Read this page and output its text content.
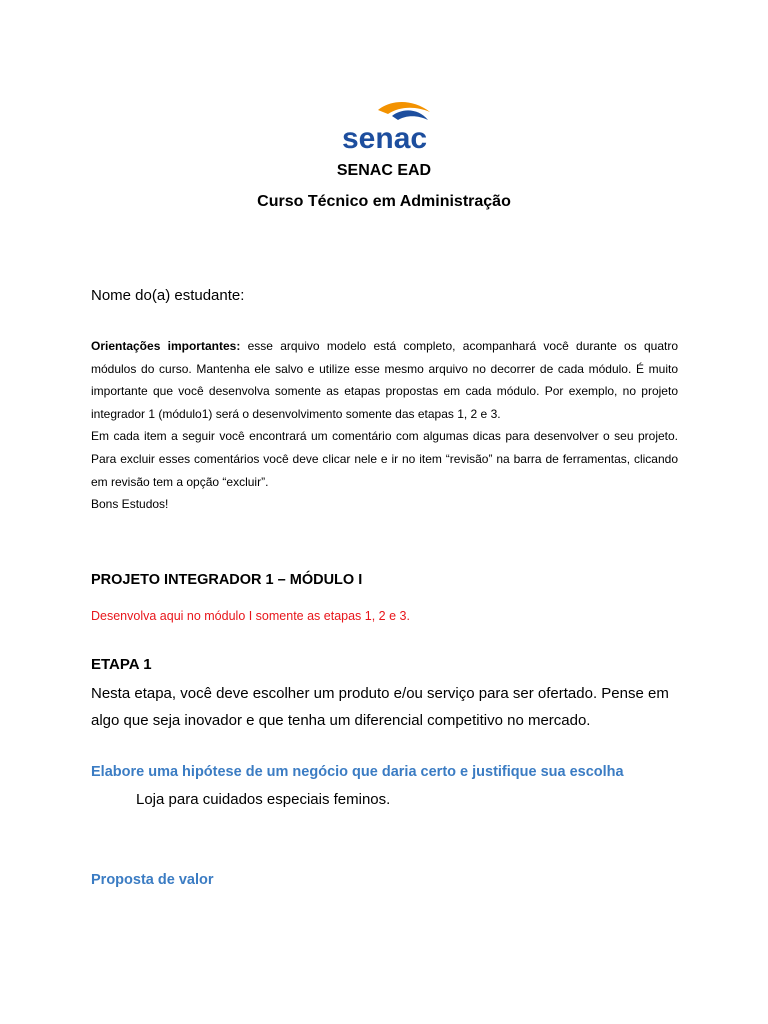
senac
SENAC EAD
Curso Técnico em Administração
Nome do(a) estudante:

Orientações importantes: esse arquivo modelo está completo, acompanhará você durante os quatro módulos do curso. Mantenha ele salvo e utilize esse mesmo arquivo no decorrer de cada módulo. É muito importante que você desenvolva somente as etapas propostas em cada módulo. Por exemplo, no projeto integrador 1 (módulo1) será o desenvolvimento somente das etapas 1, 2 e 3.

Em cada item a seguir você encontrará um comentário com algumas dicas para desenvolver o seu projeto. Para excluir esses comentários você deve clicar nele e ir no item “revisão” na barra de ferramentas, clicando em revisão tem a opção “excluir”.

Bons Estudos!

PROJETO INTEGRADOR 1 – MÓDULO I
Desenvolva aqui no módulo I somente as etapas 1, 2 e 3.
ETAPA 1
Nesta etapa, você deve escolher um produto e/ou serviço para ser ofertado. Pense em algo que seja inovador e que tenha um diferencial competitivo no mercado.
Elabore uma hipótese de um negócio que daria certo e justifique sua escolha
Loja para cuidados especiais feminos.
Proposta de valor
